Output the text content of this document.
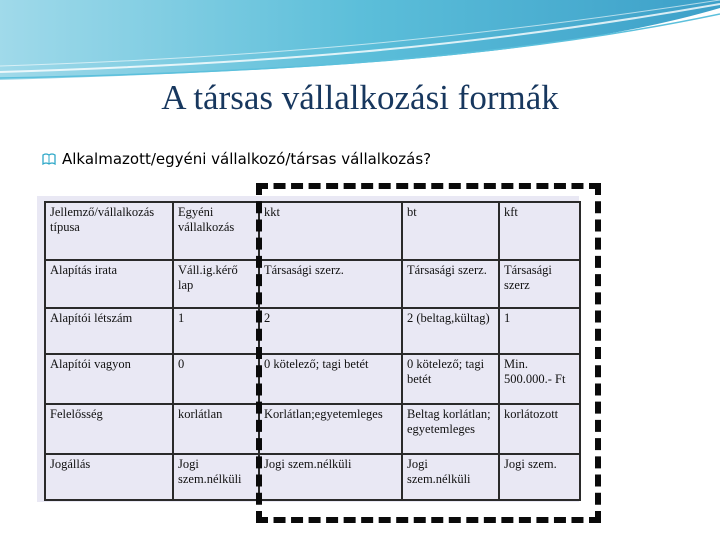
A társas vállalkozási formák
Alkalmazott/egyéni vállalkozó/társas vállalkozás?
Jellemző/vállalkozás típusa	Egyéni vállalkozás	kkt	bt	kft
Alapítás irata	Váll.ig.kérő lap	Társasági szerz.	Társasági szerz.	Társasági szerz
Alapítói létszám	1	2	2 (beltag,kültag)	1
Alapítói vagyon	0	0 kötelező; tagi betét	0 kötelező; tagi betét	Min. 500.000.- Ft
Felelősség	korlátlan	Korlátlan;egyetemleges	Beltag korlátlan; egyetemleges	korlátozott
Jogállás	Jogi szem.nélküli	Jogi szem.nélküli	Jogi szem.nélküli	Jogi szem.
